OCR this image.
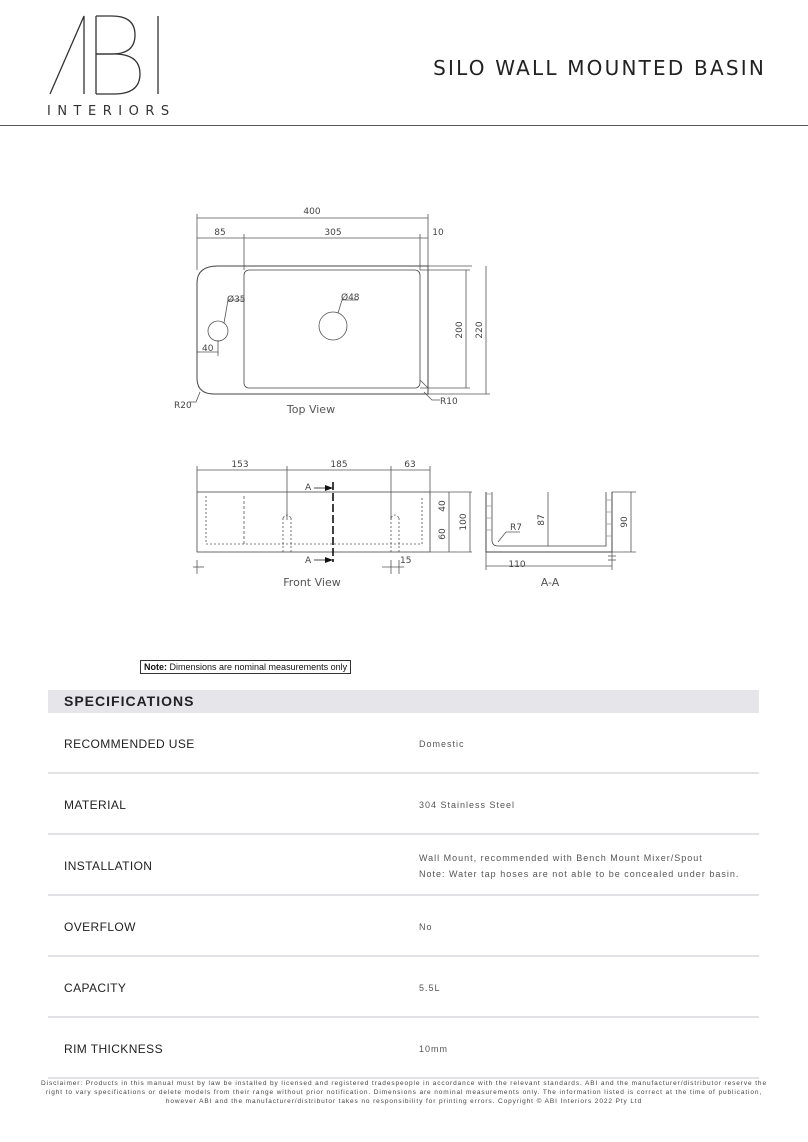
INTERIORS
SILO WALL MOUNTED BASIN
400
85	305	10
Ø35	Ø48
40
200 220
R20	R10
Top View
153	185	63
A
A
40
60
100
15
Front View
R7
87
110
90
A-A
Note: Dimensions are nominal measurements only
SPECIFICATIONS
RECOMMENDED USE	Domestic
MATERIAL	304 Stainless Steel
INSTALLATION
Wall Mount, recommended with Bench Mount Mixer/Spout
Note: Water tap hoses are not able to be concealed under basin.
OVERFLOW	No
CAPACITY	5.5L
RIM THICKNESS	10mm
Disclaimer: Products in this manual must by law be installed by licensed and registered tradespeople in accordance with the relevant standards. ABI and the manufacturer/distributor reserve the right to vary specifications or delete models from their range without prior notification. Dimensions are nominal measurements only. The information listed is correct at the time of publication, however ABI and the manufacturer/distributor takes no responsibility for printing errors. Copyright © ABI Interiors 2022 Pty Ltd
